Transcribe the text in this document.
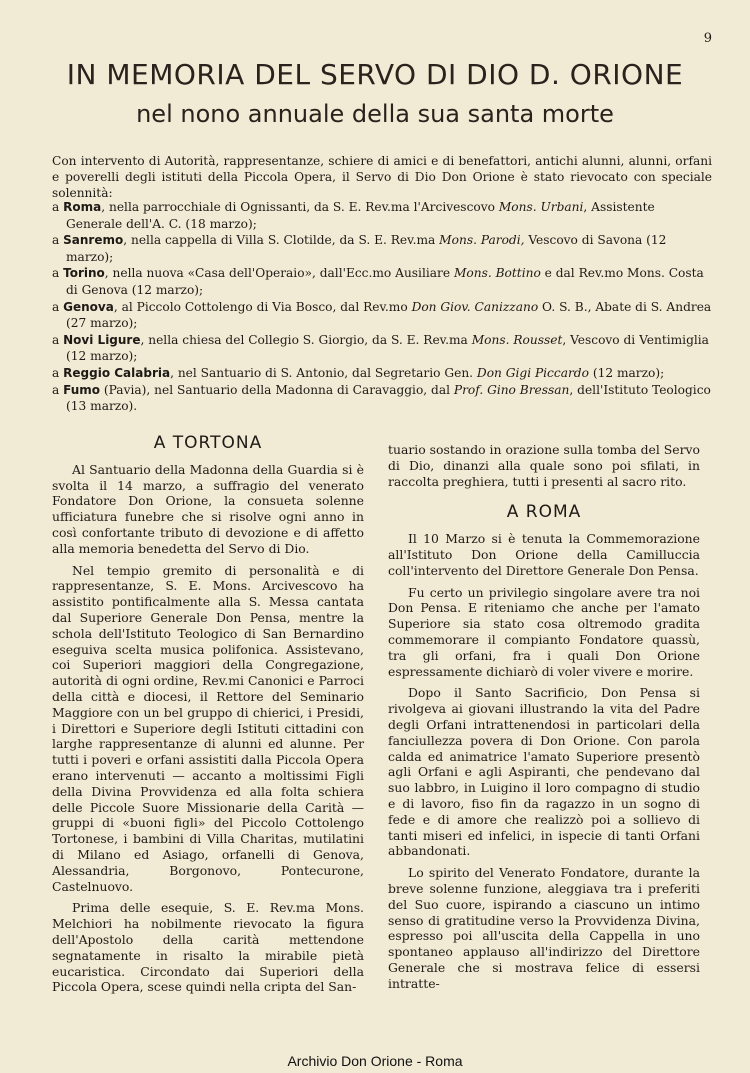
9
IN MEMORIA DEL SERVO DI DIO D. ORIONE
nel nono annuale della sua santa morte

Con intervento di Autorità, rappresentanze, schiere di amici e di benefattori, antichi alunni, alunni, orfani e poverelli degli istituti della Piccola Opera, il Servo di Dio Don Orione è stato rievocato con speciale solennità:

a Roma, nella parrocchiale di Ognissanti, da S. E. Rev.ma l'Arcivescovo Mons. Urbani, Assistente Generale dell'A. C. (18 marzo);
a Sanremo, nella cappella di Villa S. Clotilde, da S. E. Rev.ma Mons. Parodi, Vescovo di Savona (12 marzo);
a Torino, nella nuova «Casa dell'Operaio», dall'Ecc.mo Ausiliare Mons. Bottino e dal Rev.mo Mons. Costa di Genova (12 marzo);
a Genova, al Piccolo Cottolengo di Via Bosco, dal Rev.mo Don Giov. Canizzano O. S. B., Abate di S. Andrea (27 marzo);
a Novi Ligure, nella chiesa del Collegio S. Giorgio, da S. E. Rev.ma Mons. Rousset, Vescovo di Ventimiglia (12 marzo);
a Reggio Calabria, nel Santuario di S. Antonio, dal Segretario Gen. Don Gigi Piccardo (12 marzo);
a Fumo (Pavia), nel Santuario della Madonna di Caravaggio, dal Prof. Gino Bressan, dell'Istituto Teologico (13 marzo).
A TORTONA

Al Santuario della Madonna della Guardia si è svolta il 14 marzo, a suffragio del venerato Fondatore Don Orione, la consueta solenne ufficiatura funebre che si risolve ogni anno in così confortante tributo di devozione e di affetto alla memoria benedetta del Servo di Dio.

Nel tempio gremito di personalità e di rappresentanze, S. E. Mons. Arcivescovo ha assistito pontificalmente alla S. Messa cantata dal Superiore Generale Don Pensa, mentre la schola dell'Istituto Teologico di San Bernardino eseguiva scelta musica polifonica. Assistevano, coi Superiori maggiori della Congregazione, autorità di ogni ordine, Rev.mi Canonici e Parroci della città e diocesi, il Rettore del Seminario Maggiore con un bel gruppo di chierici, i Presidi, i Direttori e Superiore degli Istituti cittadini con larghe rappresentanze di alunni ed alunne. Per tutti i poveri e orfani assistiti dalla Piccola Opera erano intervenuti — accanto a moltissimi Figli della Divina Provvidenza ed alla folta schiera delle Piccole Suore Missionarie della Carità — gruppi di «buoni figli» del Piccolo Cottolengo Tortonese, i bambini di Villa Charitas, mutilatini di Milano ed Asiago, orfanelli di Genova, Alessandria, Borgonovo, Pontecurone, Castelnuovo.

Prima delle esequie, S. E. Rev.ma Mons. Melchiori ha nobilmente rievocato la figura dell'Apostolo della carità mettendone segnatamente in risalto la mirabile pietà eucaristica. Circondato dai Superiori della Piccola Opera, scese quindi nella cripta del San-

tuario sostando in orazione sulla tomba del Servo di Dio, dinanzi alla quale sono poi sfilati, in raccolta preghiera, tutti i presenti al sacro rito.

A ROMA

Il 10 Marzo si è tenuta la Commemorazione all'Istituto Don Orione della Camilluccia coll'intervento del Direttore Generale Don Pensa.

Fu certo un privilegio singolare avere tra noi Don Pensa. E riteniamo che anche per l'amato Superiore sia stato cosa oltremodo gradita commemorare il compianto Fondatore quassù, tra gli orfani, fra i quali Don Orione espressamente dichiarò di voler vivere e morire.

Dopo il Santo Sacrificio, Don Pensa si rivolgeva ai giovani illustrando la vita del Padre degli Orfani intrattenendosi in particolari della fanciullezza povera di Don Orione. Con parola calda ed animatrice l'amato Superiore presentò agli Orfani e agli Aspiranti, che pendevano dal suo labbro, in Luigino il loro compagno di studio e di lavoro, fiso fin da ragazzo in un sogno di fede e di amore che realizzò poi a sollievo di tanti miseri ed infelici, in ispecie di tanti Orfani abbandonati.

Lo spirito del Venerato Fondatore, durante la breve solenne funzione, aleggiava tra i preferiti del Suo cuore, ispirando a ciascuno un intimo senso di gratitudine verso la Provvidenza Divina, espresso poi all'uscita della Cappella in uno spontaneo applauso all'indirizzo del Direttore Generale che si mostrava felice di essersi intratte-

Archivio Don Orione - Roma
